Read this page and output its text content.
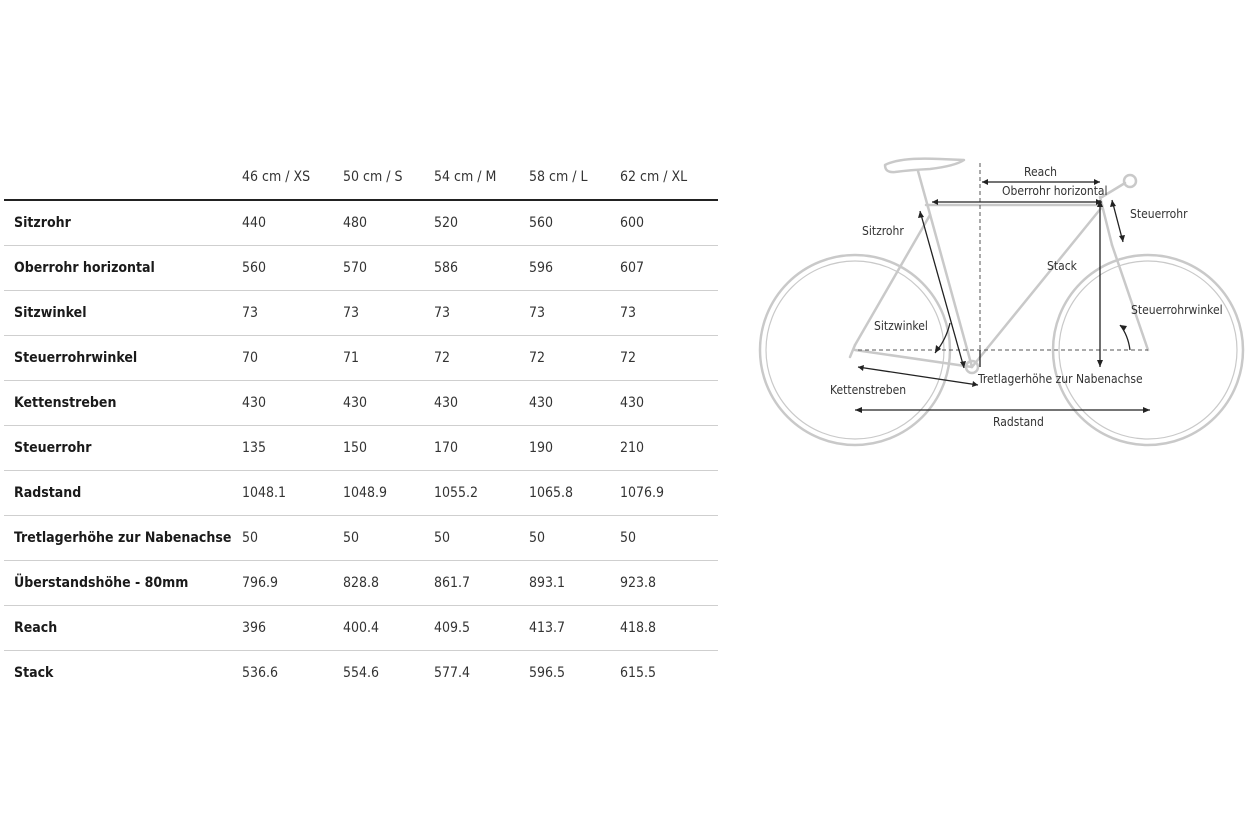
	46 cm / XS	50 cm / S	54 cm / M	58 cm / L	62 cm / XL
Sitzrohr	440	480	520	560	600
Oberrohr horizontal	560	570	586	596	607
Sitzwinkel	73	73	73	73	73
Steuerrohrwinkel	70	71	72	72	72
Kettenstreben	430	430	430	430	430
Steuerrohr	135	150	170	190	210
Radstand	1048.1	1048.9	1055.2	1065.8	1076.9
Tretlagerhöhe zur Nabenachse	50	50	50	50	50
Überstandshöhe - 80mm	796.9	828.8	861.7	893.1	923.8
Reach	396	400.4	409.5	413.7	418.8
Stack	536.6	554.6	577.4	596.5	615.5
Reach
Oberrohr horizontal
Steuerrohr
Sitzrohr
Stack
Steuerrohrwinkel
Sitzwinkel
Tretlagerhöhe zur Nabenachse
Kettenstreben
Radstand
